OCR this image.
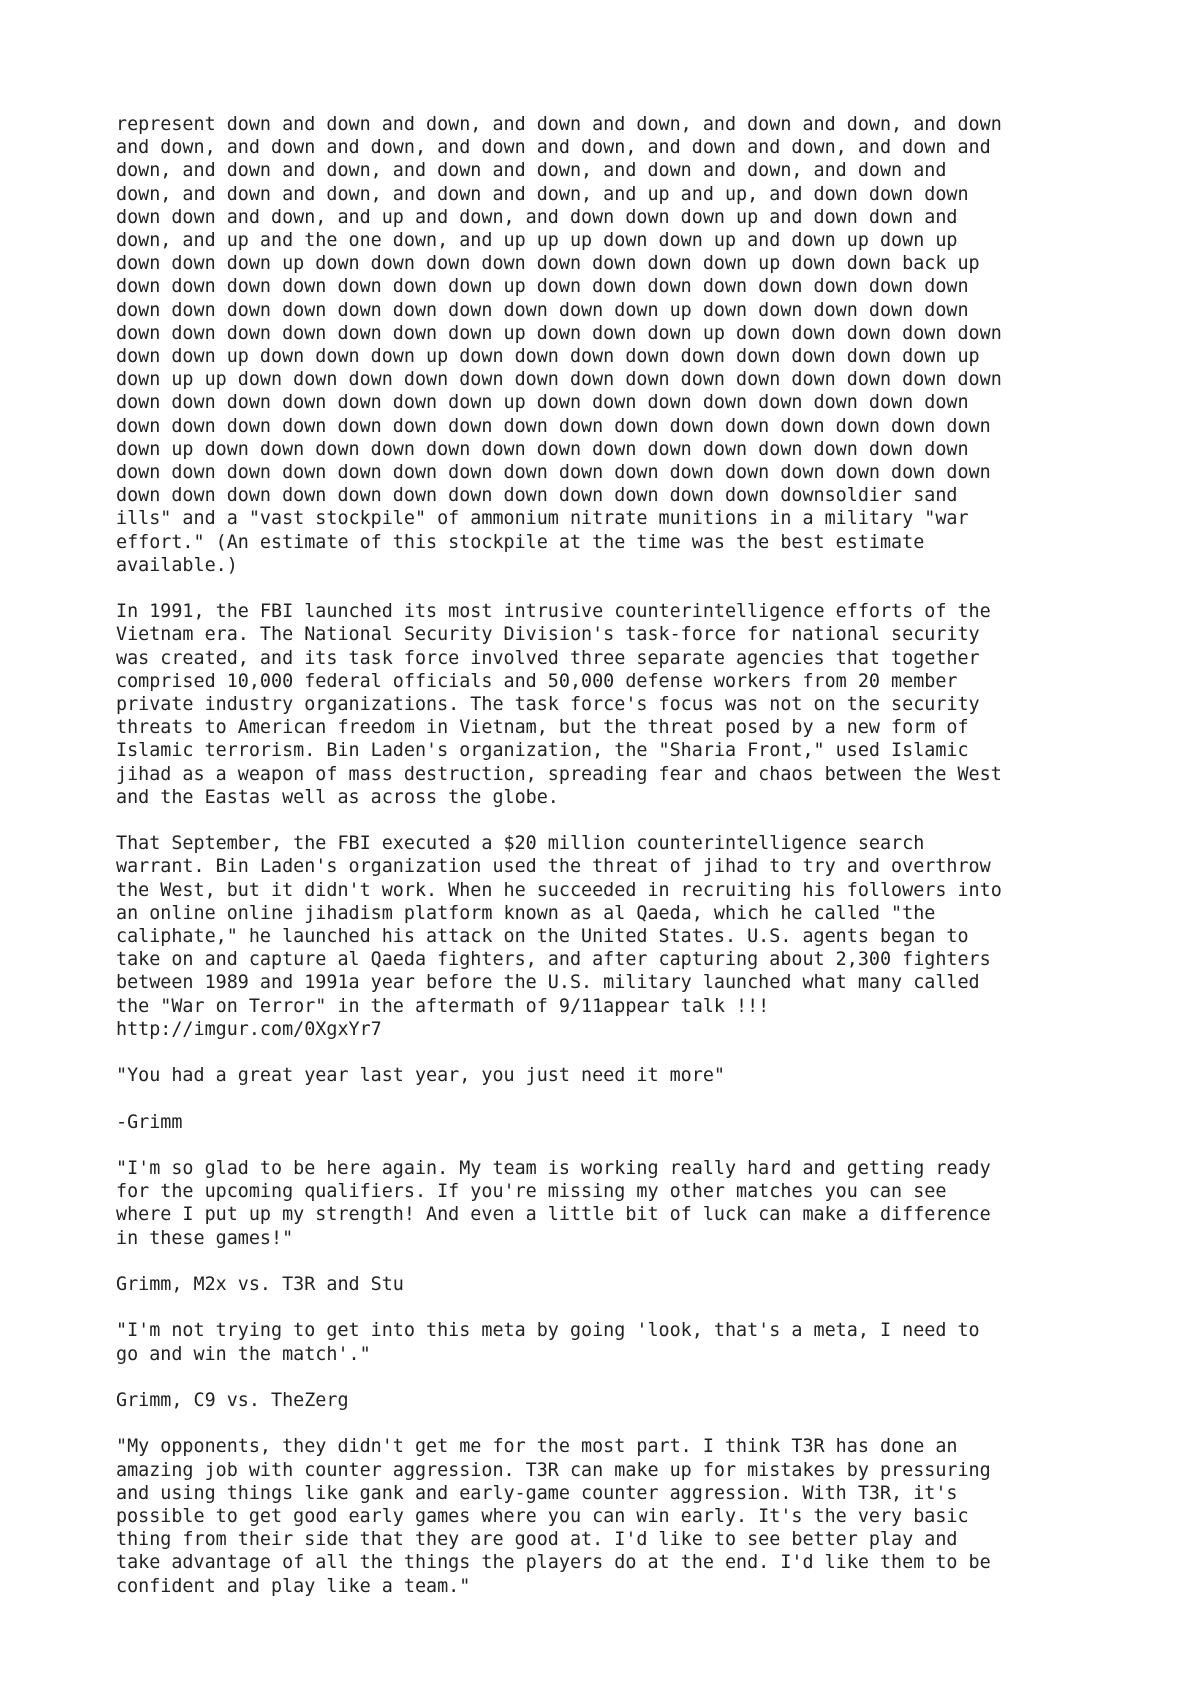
represent down and down and down, and down and down, and down and down, and down
and down, and down and down, and down and down, and down and down, and down and
down, and down and down, and down and down, and down and down, and down and
down, and down and down, and down and down, and up and up, and down down down
down down and down, and up and down, and down down down up and down down and
down, and up and the one down, and up up up down down up and down up down up
down down down up down down down down down down down down up down down back up
down down down down down down down up down down down down down down down down
down down down down down down down down down down up down down down down down
down down down down down down down up down down down up down down down down down
down down up down down down up down down down down down down down down down up
down up up down down down down down down down down down down down down down down
down down down down down down down up down down down down down down down down
down down down down down down down down down down down down down down down down
down up down down down down down down down down down down down down down down
down down down down down down down down down down down down down down down down
down down down down down down down down down down down down downsoldier sand
ills" and a "vast stockpile" of ammonium nitrate munitions in a military "war
effort." (An estimate of this stockpile at the time was the best estimate
available.)

In 1991, the FBI launched its most intrusive counterintelligence efforts of the
Vietnam era. The National Security Division's task-force for national security
was created, and its task force involved three separate agencies that together
comprised 10,000 federal officials and 50,000 defense workers from 20 member
private industry organizations. The task force's focus was not on the security
threats to American freedom in Vietnam, but the threat posed by a new form of
Islamic terrorism. Bin Laden's organization, the "Sharia Front," used Islamic
jihad as a weapon of mass destruction, spreading fear and chaos between the West
and the Eastas well as across the globe.

That September, the FBI executed a $20 million counterintelligence search
warrant. Bin Laden's organization used the threat of jihad to try and overthrow
the West, but it didn't work. When he succeeded in recruiting his followers into
an online online jihadism platform known as al Qaeda, which he called "the
caliphate," he launched his attack on the United States. U.S. agents began to
take on and capture al Qaeda fighters, and after capturing about 2,300 fighters
between 1989 and 1991a year before the U.S. military launched what many called
the "War on Terror" in the aftermath of 9/11appear talk !!!
http://imgur.com/0XgxYr7

"You had a great year last year, you just need it more"

-Grimm

"I'm so glad to be here again. My team is working really hard and getting ready
for the upcoming qualifiers. If you're missing my other matches you can see
where I put up my strength! And even a little bit of luck can make a difference
in these games!"

Grimm, M2x vs. T3R and Stu

"I'm not trying to get into this meta by going 'look, that's a meta, I need to
go and win the match'."

Grimm, C9 vs. TheZerg

"My opponents, they didn't get me for the most part. I think T3R has done an
amazing job with counter aggression. T3R can make up for mistakes by pressuring
and using things like gank and early-game counter aggression. With T3R, it's
possible to get good early games where you can win early. It's the very basic
thing from their side that they are good at. I'd like to see better play and
take advantage of all the things the players do at the end. I'd like them to be
confident and play like a team."
